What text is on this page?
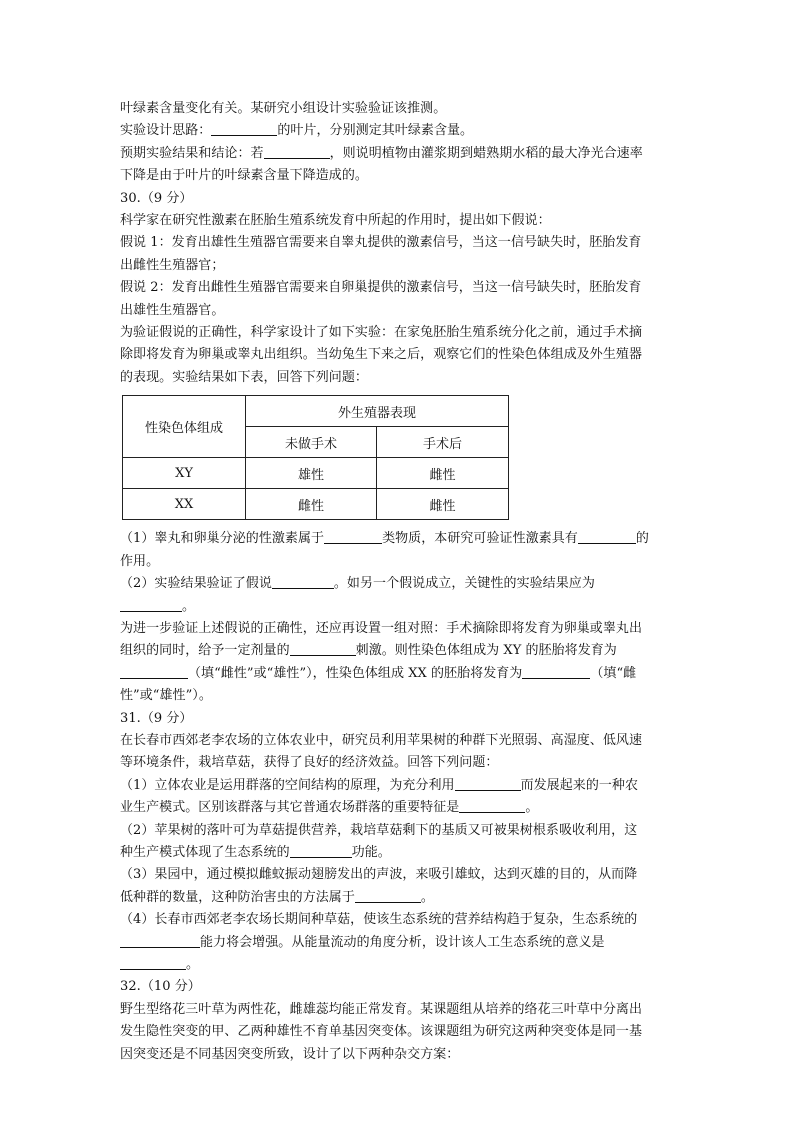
叶绿素含量变化有关。某研究小组设计实验验证该推测。

实验设计思路：	的叶片，分别测定其叶绿素含量。

预期实验结果和结论：若	，则说明植物由灌浆期到蜡熟期水稻的最大净光合速率

下降是由于叶片的叶绿素含量下降造成的。

30.（9 分）

科学家在研究性激素在胚胎生殖系统发育中所起的作用时，提出如下假说：

假说 1：发育出雄性生殖器官需要来自睾丸提供的激素信号，当这一信号缺失时，胚胎发育

出雌性生殖器官；

假说 2：发育出雌性生殖器官需要来自卵巢提供的激素信号，当这一信号缺失时，胚胎发育

出雄性生殖器官。

为验证假说的正确性，科学家设计了如下实验：在家兔胚胎生殖系统分化之前，通过手术摘

除即将发育为卵巢或睾丸出组织。当幼兔生下来之后，观察它们的性染色体组成及外生殖器

的表现。实验结果如下表，回答下列问题：

性染色体组成	外生殖器表现	
	未做手术	手术后
XY	雄性	雌性
XX	雌性	雌性

（1）睾丸和卵巢分泌的性激素属于	类物质，本研究可验证性激素具有	的

作用。

（2）实验结果验证了假说	。如另一个假说成立，关键性的实验结果应为

。

为进一步验证上述假说的正确性，还应再设置一组对照：手术摘除即将发育为卵巢或睾丸出

组织的同时，给予一定剂量的	刺激。则性染色体组成为 XY 的胚胎将发育为

（填“雌性”或“雄性”），性染色体组成 XX 的胚胎将发育为	（填“雌

性”或“雄性”）。

31.（9 分）

在长春市西郊老李农场的立体农业中，研究员利用苹果树的种群下光照弱、高湿度、低风速

等环境条件，栽培草菇，获得了良好的经济效益。回答下列问题：

（1）立体农业是运用群落的空间结构的原理，为充分利用	而发展起来的一种农

业生产模式。区别该群落与其它普通农场群落的重要特征是	。

（2）苹果树的落叶可为草菇提供营养，栽培草菇剩下的基质又可被果树根系吸收利用，这

种生产模式体现了生态系统的	功能。

（3）果园中，通过模拟雌蚊振动翅膀发出的声波，来吸引雄蚊，达到灭雄的目的，从而降

低种群的数量，这种防治害虫的方法属于	。

（4）长春市西郊老李农场长期间种草菇，使该生态系统的营养结构趋于复杂，生态系统的

能力将会增强。从能量流动的角度分析，设计该人工生态系统的意义是

。

32.（10 分）

野生型络花三叶草为两性花，雌雄蕊均能正常发育。某课题组从培养的络花三叶草中分离出

发生隐性突变的甲、乙两种雄性不育单基因突变体。该课题组为研究这两种突变体是同一基

因突变还是不同基因突变所致，设计了以下两种杂交方案：
